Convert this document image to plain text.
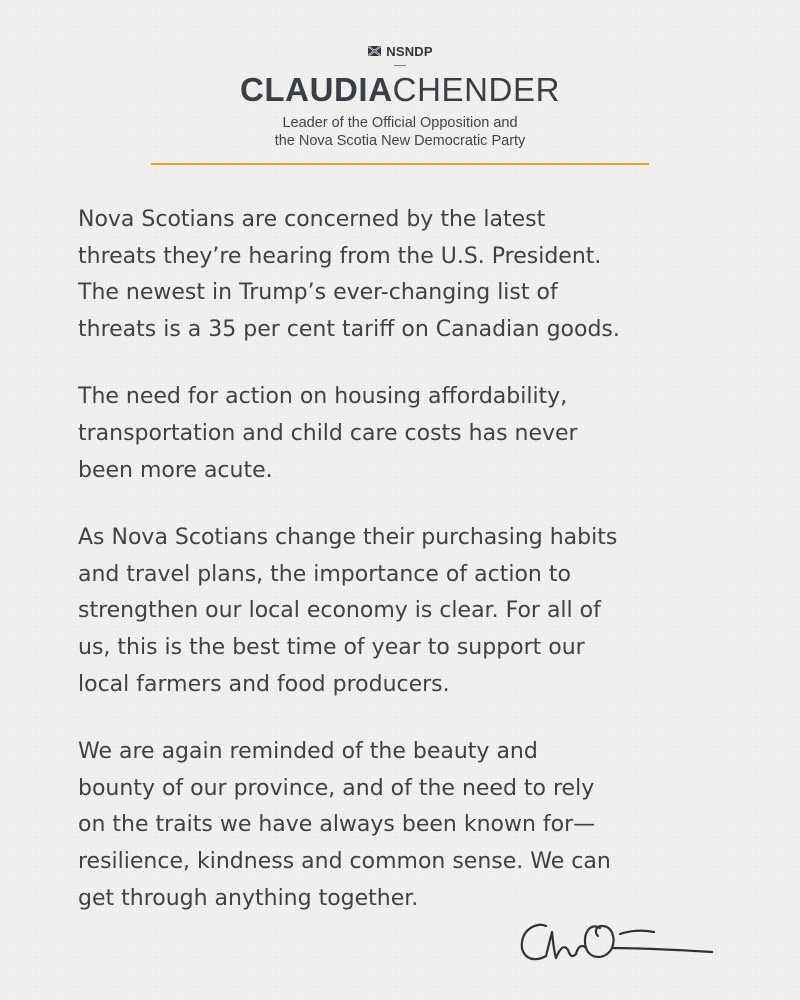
NSNDP
CLAUDIACHENDER
Leader of the Official Opposition and
the Nova Scotia New Democratic Party

Nova Scotians are concerned by the latest
threats they’re hearing from the U.S. President.
The newest in Trump’s ever-changing list of
threats is a 35 per cent tariff on Canadian goods.

The need for action on housing affordability,
transportation and child care costs has never
been more acute.

As Nova Scotians change their purchasing habits
and travel plans, the importance of action to
strengthen our local economy is clear. For all of
us, this is the best time of year to support our
local farmers and food producers.

We are again reminded of the beauty and
bounty of our province, and of the need to rely
on the traits we have always been known for—
resilience, kindness and common sense. We can
get through anything together.
